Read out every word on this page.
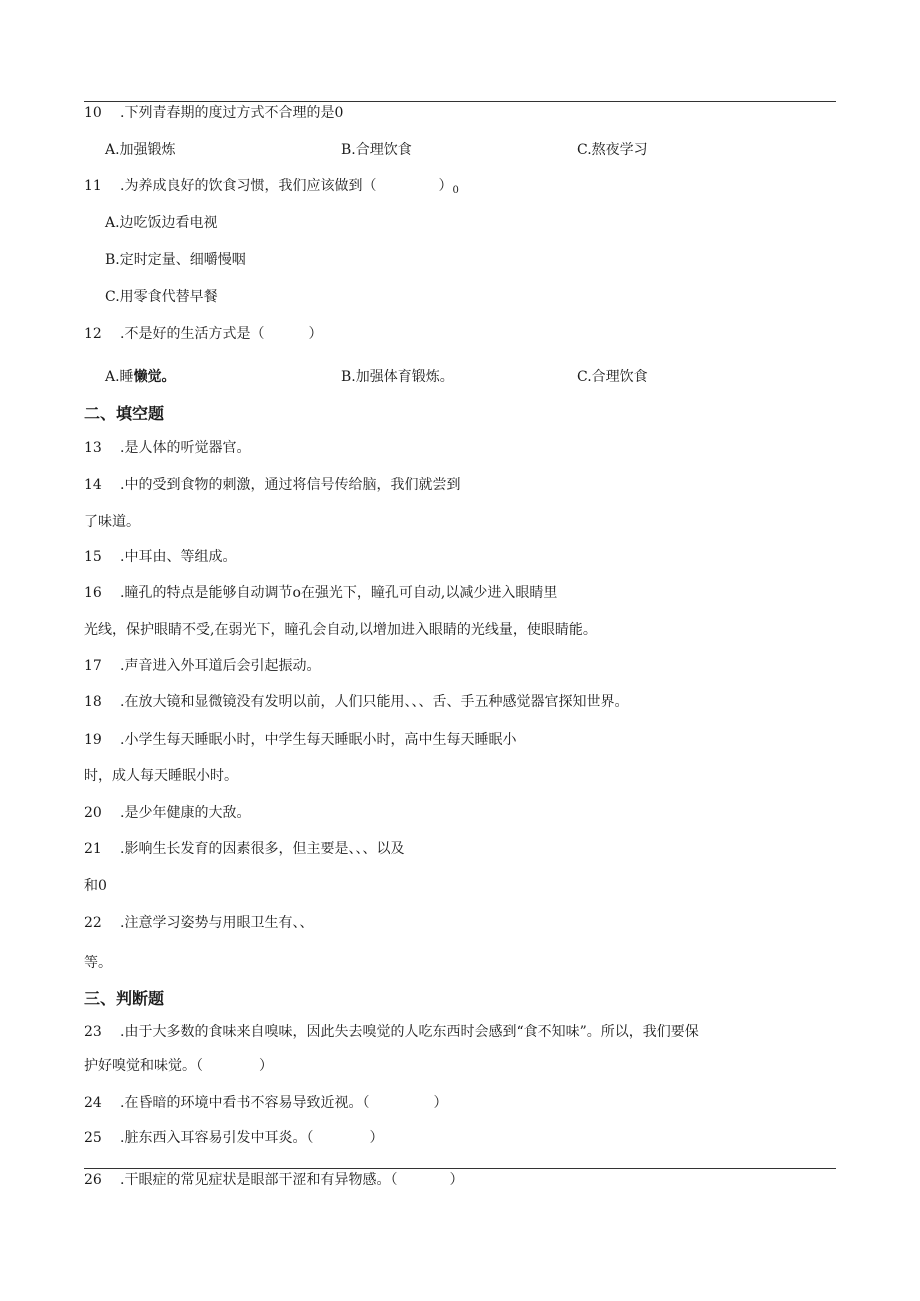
10 .下列青春期的度过方式不合理的是0
A.加强锻炼	B.合理饮食	C.熬夜学习
11 .为养成良好的饮食习惯，我们应该做到（	）$_0$
A.边吃饭边看电视
B.定时定量、细嚼慢咽
C.用零食代替早餐
12 .不是好的生活方式是（	）
A.睡懒觉。	B.加强体育锻炼。	C.合理饮食
二、填空题
13 .是人体的听觉器官。
14 .中的受到食物的刺激，通过将信号传给脑，我们就尝到
了味道。
15 .中耳由、等组成。
16 .瞳孔的特点是能够自动调节o在强光下，瞳孔可自动,以减少进入眼睛里
光线，保护眼睛不受,在弱光下，瞳孔会自动,以增加进入眼睛的光线量，使眼睛能。
17 .声音进入外耳道后会引起振动。
18 .在放大镜和显微镜没有发明以前，人们只能用、、、舌、手五种感觉器官探知世界。
19 .小学生每天睡眠小时，中学生每天睡眠小时，高中生每天睡眠小
时，成人每天睡眠小时。
20 .是少年健康的大敌。
21 .影响生长发育的因素很多，但主要是、、、以及
和0
22 .注意学习姿势与用眼卫生有、、
等。
三、判断题
23 .由于大多数的食味来自嗅味，因此失去嗅觉的人吃东西时会感到“食不知味”。所以，我们要保
护好嗅觉和味觉。（	）
24 .在昏暗的环境中看书不容易导致近视。（	）
25 .脏东西入耳容易引发中耳炎。（	）
26 .干眼症的常见症状是眼部干涩和有异物感。（	）
